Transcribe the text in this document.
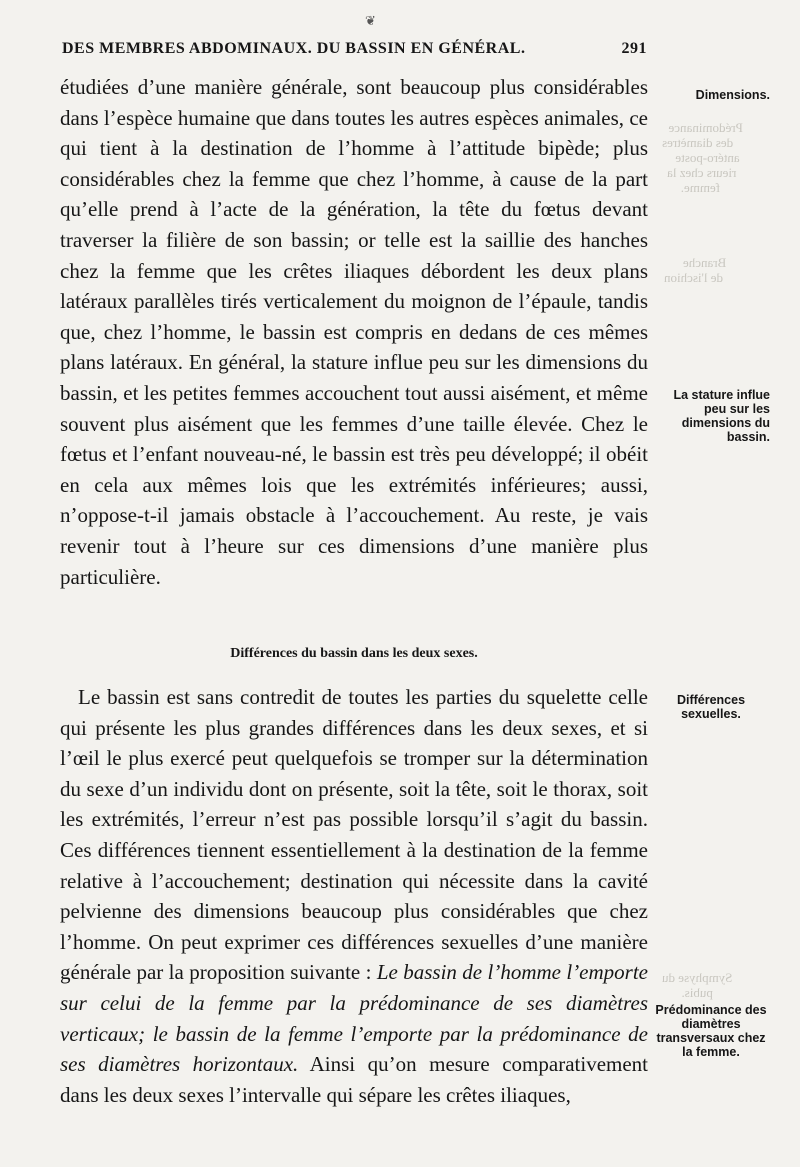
Prédominance
des diamètres
antéro-poste
rieurs chez la
femme.
Branche
de l'ischion
Symphyse du
pubis.
❦
DES MEMBRES ABDOMINAUX. DU BASSIN EN GÉNÉRAL.	291

étudiées d’une manière générale, sont beaucoup plus considérables dans l’espèce humaine que dans toutes les autres espèces animales, ce qui tient à la destination de l’homme à l’attitude bipède; plus considérables chez la femme que chez l’homme, à cause de la part qu’elle prend à l’acte de la génération, la tête du fœtus devant traverser la filière de son bassin; or telle est la saillie des hanches chez la femme que les crêtes iliaques débordent les deux plans latéraux parallèles tirés verticalement du moignon de l’épaule, tandis que, chez l’homme, le bassin est compris en dedans de ces mêmes plans latéraux. En général, la stature influe peu sur les dimensions du bassin, et les petites femmes accouchent tout aussi aisément, et même souvent plus aisément que les femmes d’une taille élevée. Chez le fœtus et l’enfant nouveau-né, le bassin est très peu développé; il obéit en cela aux mêmes lois que les extrémités inférieures; aussi, n’oppose-t-il jamais obstacle à l’accouchement. Au reste, je vais revenir tout à l’heure sur ces dimensions d’une manière plus particulière.

Différences du bassin dans les deux sexes.

Le bassin est sans contredit de toutes les parties du squelette celle qui présente les plus grandes différences dans les deux sexes, et si l’œil le plus exercé peut quelquefois se tromper sur la détermination du sexe d’un individu dont on présente, soit la tête, soit le thorax, soit les extrémités, l’erreur n’est pas possible lorsqu’il s’agit du bassin. Ces différences tiennent essentiellement à la destination de la femme relative à l’accouchement; destination qui nécessite dans la cavité pelvienne des dimensions beaucoup plus considérables que chez l’homme. On peut exprimer ces différences sexuelles d’une manière générale par la proposition suivante : Le bassin de l’homme l’emporte sur celui de la femme par la prédominance de ses diamètres verticaux; le bassin de la femme l’emporte par la prédominance de ses diamètres horizontaux. Ainsi qu’on mesure comparativement dans les deux sexes l’intervalle qui sépare les crêtes iliaques,

Dimensions.
La stature influe peu sur les dimensions du bassin.
Différences sexuelles.
Prédominance des diamètres transversaux chez la femme.
